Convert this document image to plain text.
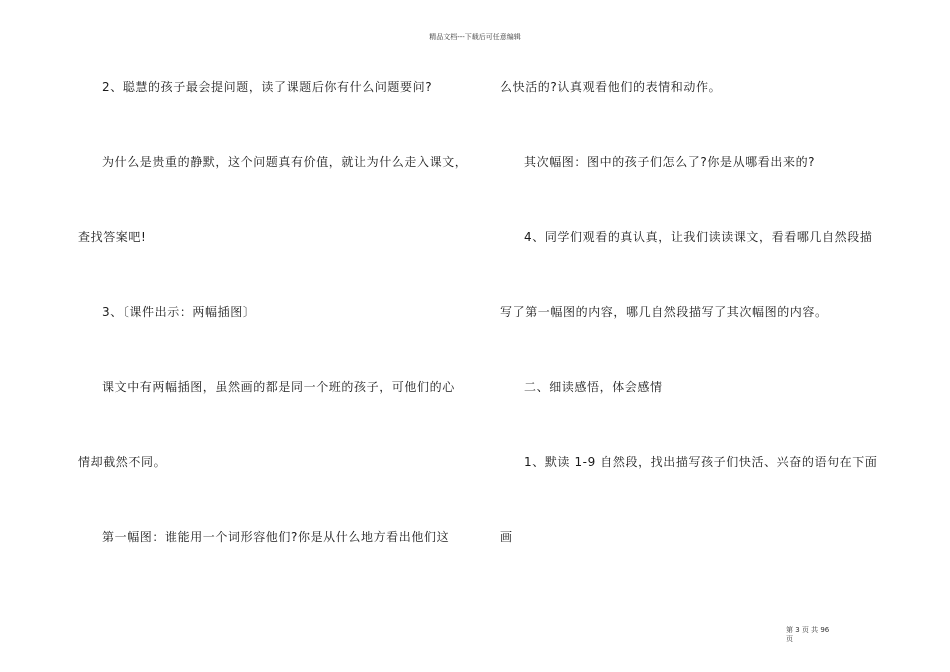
精品文档---下载后可任意编辑
2、聪慧的孩子最会提问题，读了课题后你有什么问题要问?
为什么是贵重的静默，这个问题真有价值，就让为什么走入课文，
查找答案吧!
3、〔课件出示：两幅插图〕
课文中有两幅插图，虽然画的都是同一个班的孩子，可他们的心
情却截然不同。
第一幅图：谁能用一个词形容他们?你是从什么地方看出他们这
么快活的?认真观看他们的表情和动作。
其次幅图：图中的孩子们怎么了?你是从哪看出来的?
4、同学们观看的真认真，让我们读读课文，看看哪几自然段描
写了第一幅图的内容，哪几自然段描写了其次幅图的内容。
二、细读感悟，体会感情
1、默读 1-9 自然段，找出描写孩子们快活、兴奋的语句在下面
画
第 3 页 共 96
页
